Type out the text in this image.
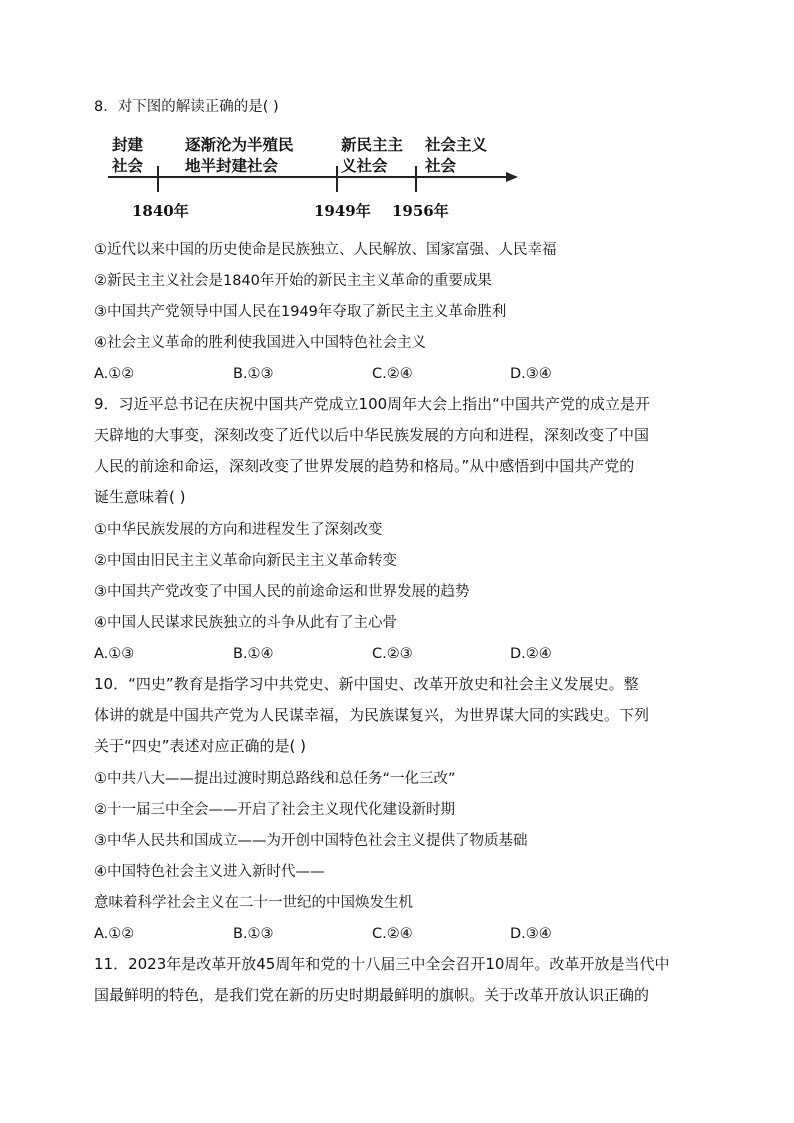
8．对下图的解读正确的是( )
封建
社会
逐渐沦为半殖民
地半封建社会
新民主主
义社会
社会主义
社会
1840年	1949年 1956年
①近代以来中国的历史使命是民族独立、人民解放、国家富强、人民幸福
②新民主主义社会是1840年开始的新民主主义革命的重要成果
③中国共产党领导中国人民在1949年夺取了新民主主义革命胜利
④社会主义革命的胜利使我国进入中国特色社会主义
A.①②	B.①③	C.②④	D.③④
9．习近平总书记在庆祝中国共产党成立100周年大会上指出“中国共产党的成立是开
天辟地的大事变，深刻改变了近代以后中华民族发展的方向和进程，深刻改变了中国
人民的前途和命运，深刻改变了世界发展的趋势和格局。”从中感悟到中国共产党的
诞生意味着( )
①中华民族发展的方向和进程发生了深刻改变
②中国由旧民主主义革命向新民主主义革命转变
③中国共产党改变了中国人民的前途命运和世界发展的趋势
④中国人民谋求民族独立的斗争从此有了主心骨
A.①③	B.①④	C.②③	D.②④
10．“四史”教育是指学习中共党史、新中国史、改革开放史和社会主义发展史。整
体讲的就是中国共产党为人民谋幸福，为民族谋复兴，为世界谋大同的实践史。下列
关于“四史”表述对应正确的是( )
①中共八大——提出过渡时期总路线和总任务“一化三改”
②十一届三中全会——开启了社会主义现代化建设新时期
③中华人民共和国成立——为开创中国特色社会主义提供了物质基础
④中国特色社会主义进入新时代——
意味着科学社会主义在二十一世纪的中国焕发生机
A.①②	B.①③	C.②④	D.③④
11．2023年是改革开放45周年和党的十八届三中全会召开10周年。改革开放是当代中
国最鲜明的特色，是我们党在新的历史时期最鲜明的旗帜。关于改革开放认识正确的
